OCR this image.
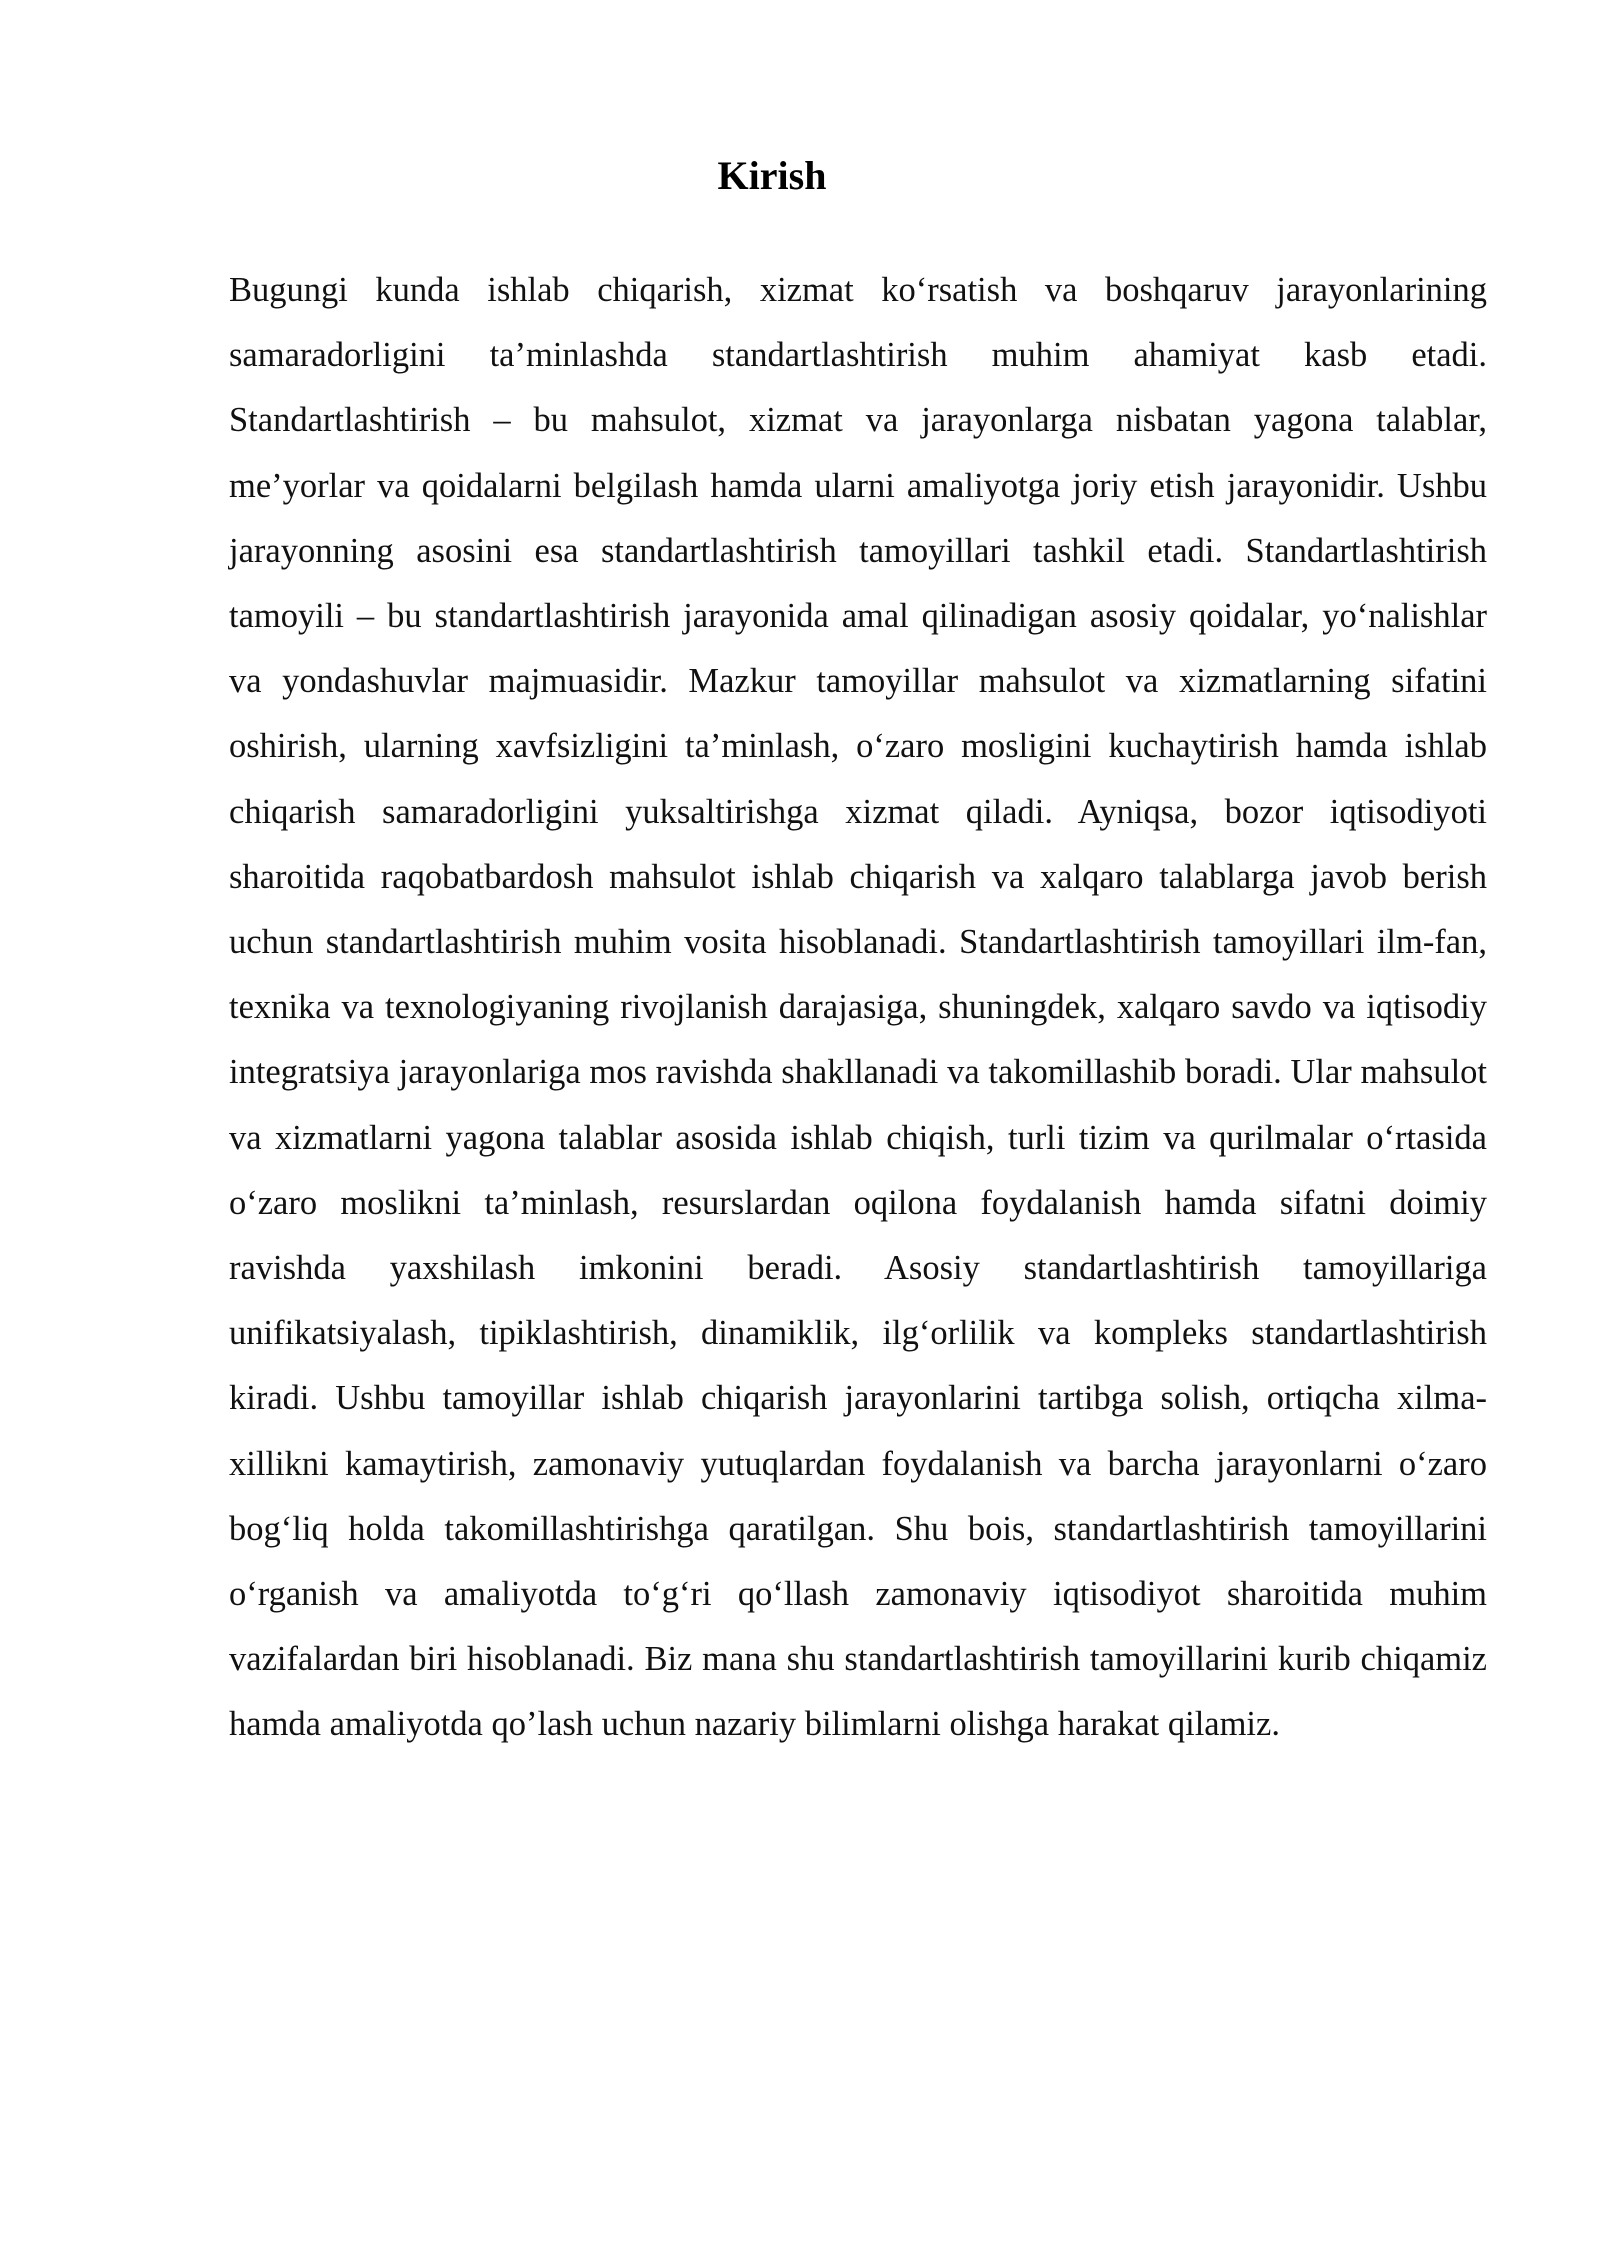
Kirish

Bugungi kunda ishlab chiqarish, xizmat ko‘rsatish va boshqaruv jarayonlarining samaradorligini ta’minlashda standartlashtirish muhim ahamiyat kasb etadi. Standartlashtirish – bu mahsulot, xizmat va jarayonlarga nisbatan yagona talablar, me’yorlar va qoidalarni belgilash hamda ularni amaliyotga joriy etish jarayonidir. Ushbu jarayonning asosini esa standartlashtirish tamoyillari tashkil etadi. Standartlashtirish tamoyili – bu standartlashtirish jarayonida amal qilinadigan asosiy qoidalar, yo‘nalishlar va yondashuvlar majmuasidir. Mazkur tamoyillar mahsulot va xizmatlarning sifatini oshirish, ularning xavfsizligini ta’minlash, o‘zaro mosligini kuchaytirish hamda ishlab chiqarish samaradorligini yuksaltirishga xizmat qiladi. Ayniqsa, bozor iqtisodiyoti sharoitida raqobatbardosh mahsulot ishlab chiqarish va xalqaro talablarga javob berish uchun standartlashtirish muhim vosita hisoblanadi. Standartlashtirish tamoyillari ilm-fan, texnika va texnologiyaning rivojlanish darajasiga, shuningdek, xalqaro savdo va iqtisodiy integratsiya jarayonlariga mos ravishda shakllanadi va takomillashib boradi. Ular mahsulot va xizmatlarni yagona talablar asosida ishlab chiqish, turli tizim va qurilmalar o‘rtasida o‘zaro moslikni ta’minlash, resurslardan oqilona foydalanish hamda sifatni doimiy ravishda yaxshilash imkonini beradi. Asosiy standartlashtirish tamoyillariga unifikatsiyalash, tipiklashtirish, dinamiklik, ilg‘orlilik va kompleks standartlashtirish kiradi. Ushbu tamoyillar ishlab chiqarish jarayonlarini tartibga solish, ortiqcha xilma-xillikni kamaytirish, zamonaviy yutuqlardan foydalanish va barcha jarayonlarni o‘zaro bog‘liq holda takomillashtirishga qaratilgan. Shu bois, standartlashtirish tamoyillarini o‘rganish va amaliyotda to‘g‘ri qo‘llash zamonaviy iqtisodiyot sharoitida muhim vazifalardan biri hisoblanadi. Biz mana shu standartlashtirish tamoyillarini kurib chiqamiz hamda amaliyotda qo’lash uchun nazariy bilimlarni olishga harakat qilamiz.
